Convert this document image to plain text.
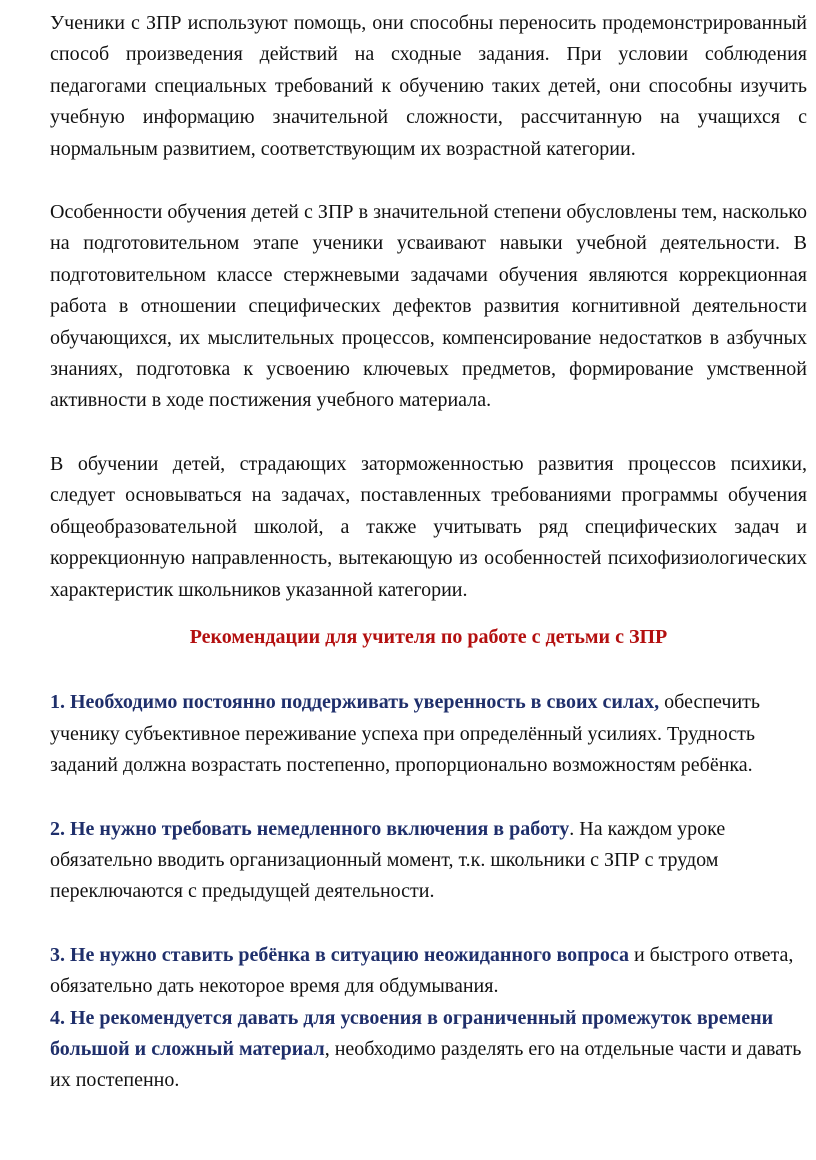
Ученики с ЗПР используют помощь, они способны переносить продемонстрированный способ произведения действий на сходные задания. При условии соблюдения педагогами специальных требований к обучению таких детей, они способны изучить учебную информацию значительной сложности, рассчитанную на учащихся с нормальным развитием, соответствующим их возрастной категории.

Особенности обучения детей с ЗПР в значительной степени обусловлены тем, насколько на подготовительном этапе ученики усваивают навыки учебной деятельности. В подготовительном классе стержневыми задачами обучения являются коррекционная работа в отношении специфических дефектов развития когнитивной деятельности обучающихся, их мыслительных процессов, компенсирование недостатков в азбучных знаниях, подготовка к усвоению ключевых предметов, формирование умственной активности в ходе постижения учебного материала.

В обучении детей, страдающих заторможенностью развития процессов психики, следует основываться на задачах, поставленных требованиями программы обучения общеобразовательной школой, а также учитывать ряд специфических задач и коррекционную направленность, вытекающую из особенностей психофизиологических характеристик школьников указанной категории.

Рекомендации для учителя по работе с детьми с ЗПР

1. Необходимо постоянно поддерживать уверенность в своих силах, обеспечить ученику субъективное переживание успеха при определённый усилиях. Трудность заданий должна возрастать постепенно, пропорционально возможностям ребёнка.

2. Не нужно требовать немедленного включения в работу. На каждом уроке обязательно вводить организационный момент, т.к. школьники с ЗПР с трудом переключаются с предыдущей деятельности.

3. Не нужно ставить ребёнка в ситуацию неожиданного вопроса и быстрого ответа, обязательно дать некоторое время для обдумывания.

4. Не рекомендуется давать для усвоения в ограниченный промежуток времени большой и сложный материал, необходимо разделять его на отдельные части и давать их постепенно.
